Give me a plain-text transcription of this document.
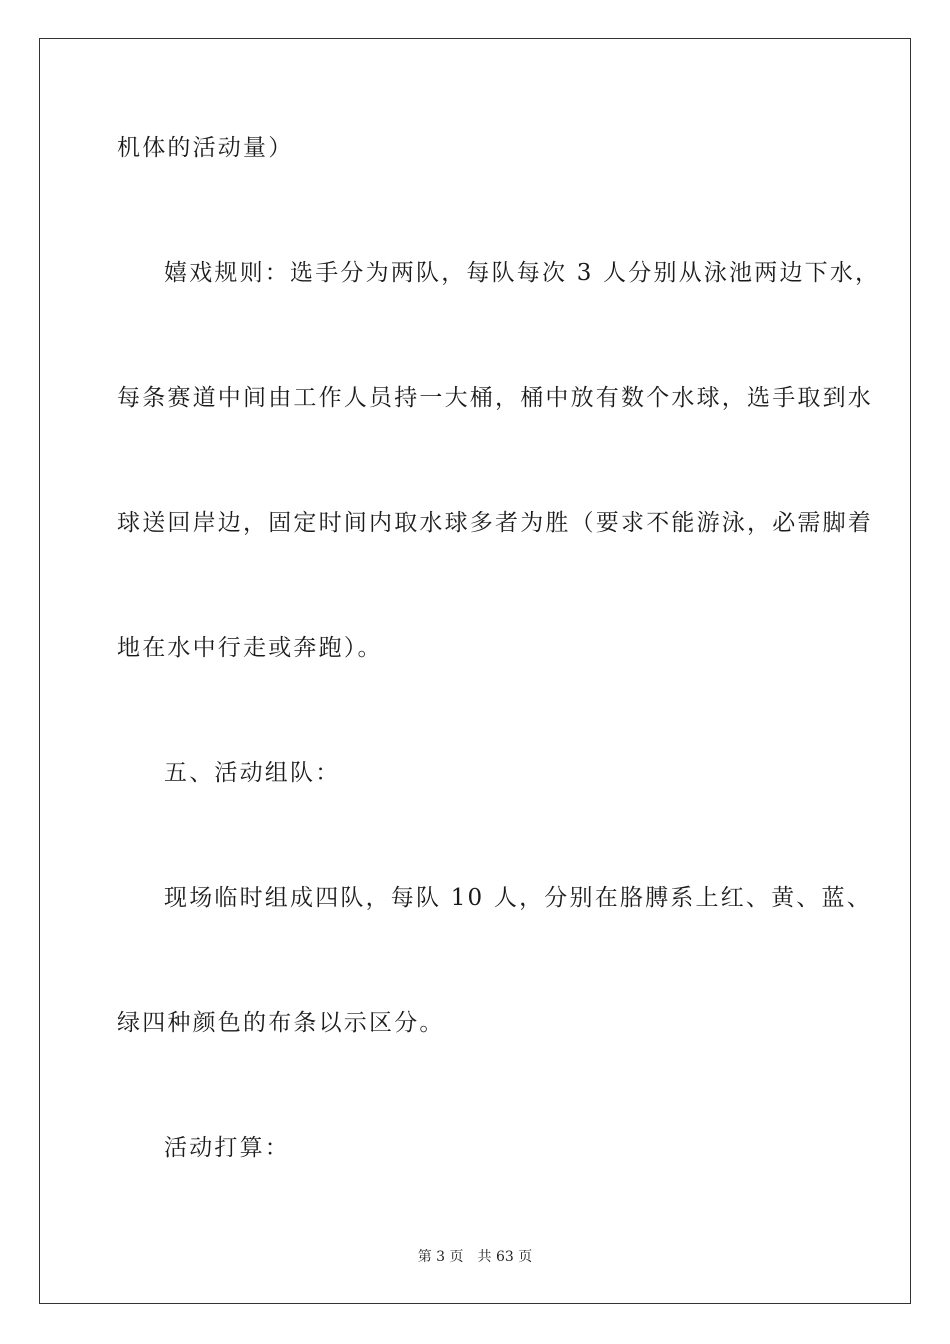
机体的活动量）
嬉戏规则：选手分为两队，每队每次 3 人分别从泳池两边下水，
每条赛道中间由工作人员持一大桶，桶中放有数个水球，选手取到水
球送回岸边，固定时间内取水球多者为胜（要求不能游泳，必需脚着
地在水中行走或奔跑）。
五、活动组队：
现场临时组成四队，每队 10 人，分别在胳膊系上红、黄、蓝、
绿四种颜色的布条以示区分。
活动打算：
第 3 页 共 63 页
